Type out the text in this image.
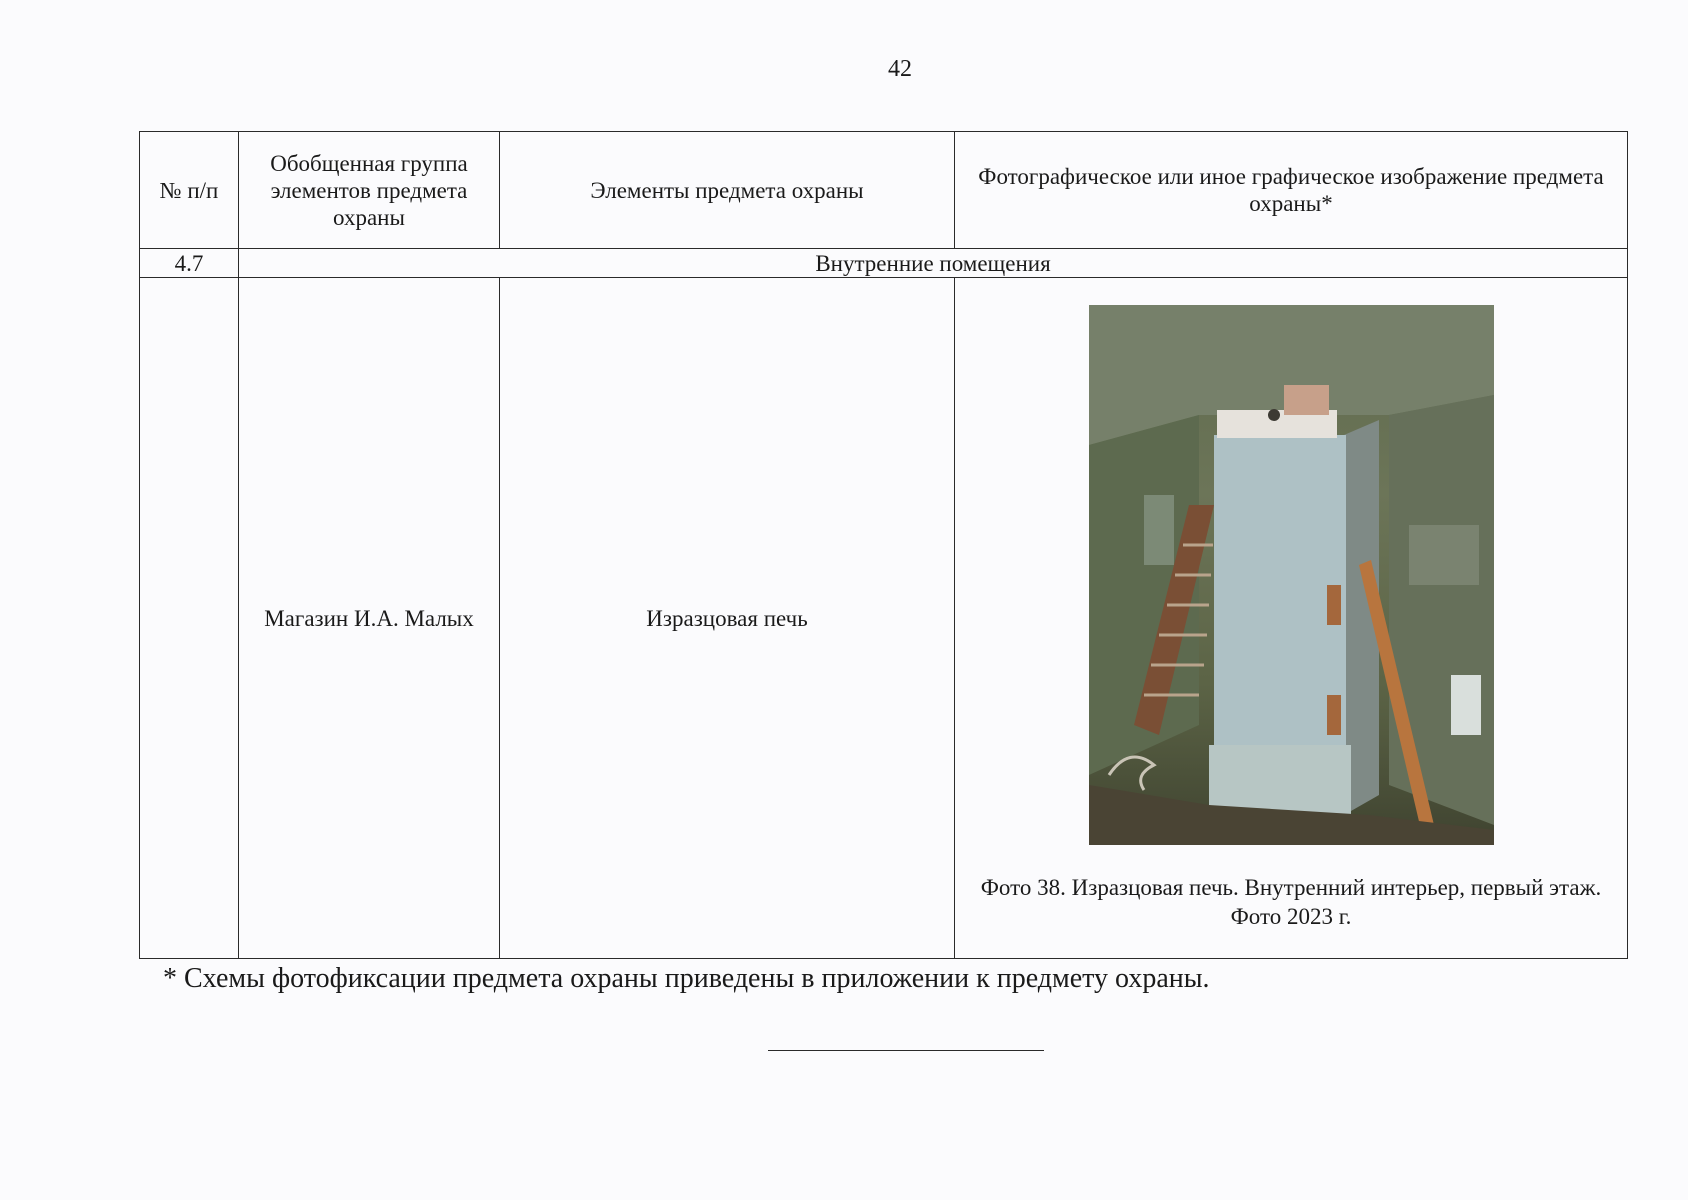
42
№ п/п	Обобщенная группа элементов предмета охраны	Элементы предмета охраны	Фотографическое или иное графическое изображение предмета охраны*
4.7	Внутренние помещения		
	Магазин И.А. Малых	Изразцовая печь	Фото 38. Изразцовая печь. Внутренний интерьер, первый этаж. Фото 2023 г.
* Схемы фотофиксации предмета охраны приведены в приложении к предмету охраны.
